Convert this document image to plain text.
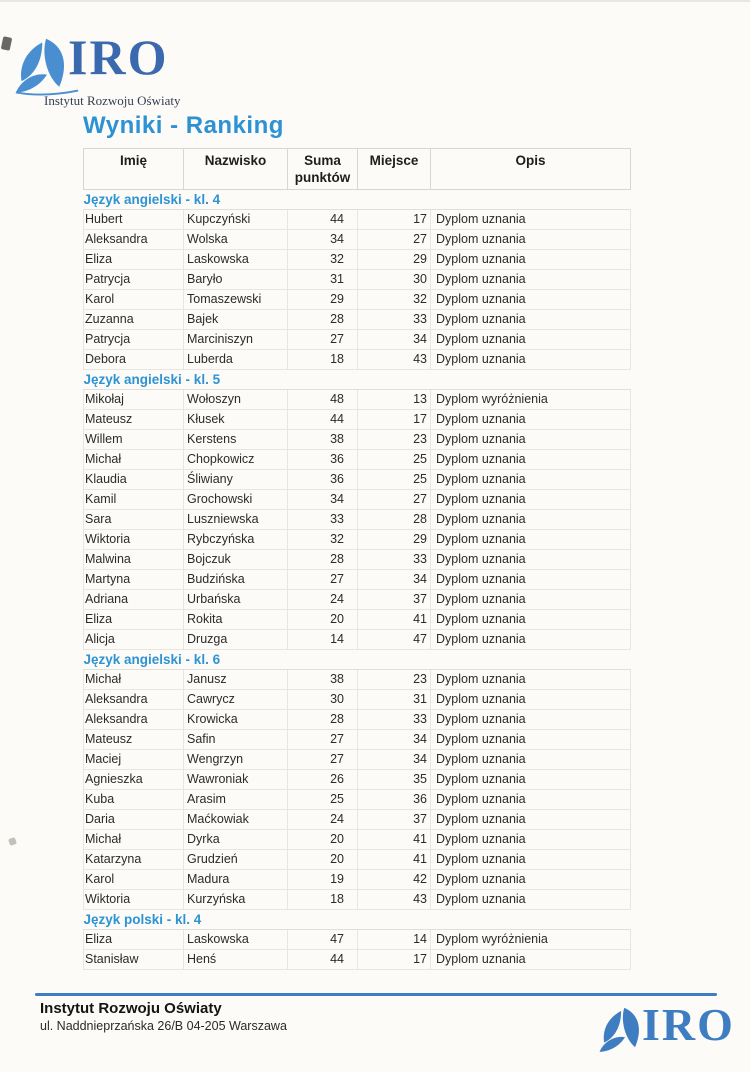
IRO
Instytut Rozwoju Oświaty
Wyniki - Ranking
Imię	Nazwisko	Suma punktów	Miejsce	Opis
Język angielski - kl. 4				
Hubert	Kupczyński	44	17	Dyplom uznania
Aleksandra	Wolska	34	27	Dyplom uznania
Eliza	Laskowska	32	29	Dyplom uznania
Patrycja	Baryło	31	30	Dyplom uznania
Karol	Tomaszewski	29	32	Dyplom uznania
Zuzanna	Bajek	28	33	Dyplom uznania
Patrycja	Marciniszyn	27	34	Dyplom uznania
Debora	Luberda	18	43	Dyplom uznania
Język angielski - kl. 5				
Mikołaj	Wołoszyn	48	13	Dyplom wyróżnienia
Mateusz	Kłusek	44	17	Dyplom uznania
Willem	Kerstens	38	23	Dyplom uznania
Michał	Chopkowicz	36	25	Dyplom uznania
Klaudia	Śliwiany	36	25	Dyplom uznania
Kamil	Grochowski	34	27	Dyplom uznania
Sara	Luszniewska	33	28	Dyplom uznania
Wiktoria	Rybczyńska	32	29	Dyplom uznania
Malwina	Bojczuk	28	33	Dyplom uznania
Martyna	Budzińska	27	34	Dyplom uznania
Adriana	Urbańska	24	37	Dyplom uznania
Eliza	Rokita	20	41	Dyplom uznania
Alicja	Druzga	14	47	Dyplom uznania
Język angielski - kl. 6				
Michał	Janusz	38	23	Dyplom uznania
Aleksandra	Cawrycz	30	31	Dyplom uznania
Aleksandra	Krowicka	28	33	Dyplom uznania
Mateusz	Safin	27	34	Dyplom uznania
Maciej	Wengrzyn	27	34	Dyplom uznania
Agnieszka	Wawroniak	26	35	Dyplom uznania
Kuba	Arasim	25	36	Dyplom uznania
Daria	Maćkowiak	24	37	Dyplom uznania
Michał	Dyrka	20	41	Dyplom uznania
Katarzyna	Grudzień	20	41	Dyplom uznania
Karol	Madura	19	42	Dyplom uznania
Wiktoria	Kurzyńska	18	43	Dyplom uznania
Język polski - kl. 4				
Eliza	Laskowska	47	14	Dyplom wyróżnienia
Stanisław	Henś	44	17	Dyplom uznania
Instytut Rozwoju Oświaty
ul. Naddnieprzańska 26/B 04-205 Warszawa	IRO
